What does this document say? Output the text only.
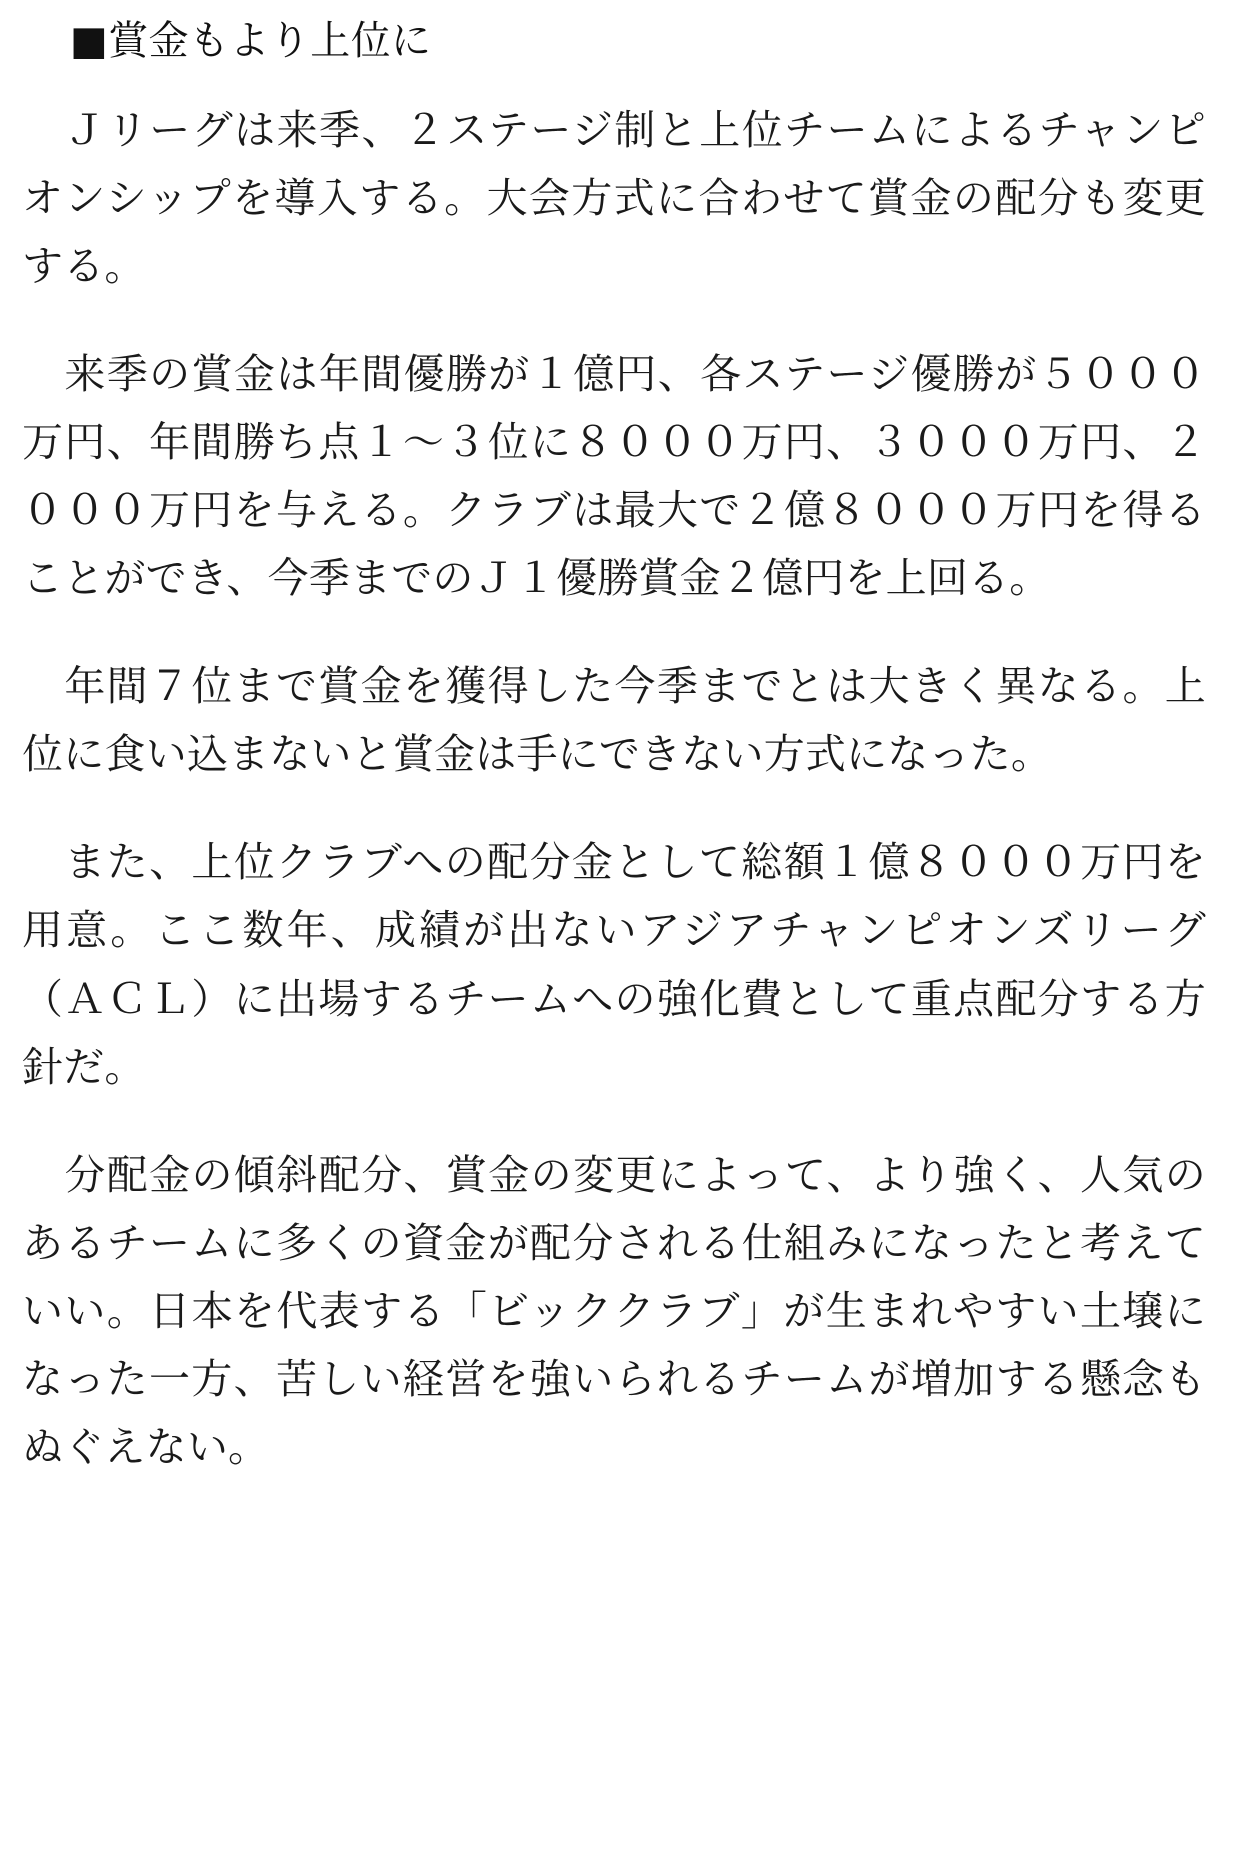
■賞金もより上位に

　Ｊリーグは来季、２ステージ制と上位チームによるチャンピオンシップを導入する。大会方式に合わせて賞金の配分も変更する。

　来季の賞金は年間優勝が１億円、各ステージ優勝が５０００万円、年間勝ち点１〜３位に８０００万円、３０００万円、２０００万円を与える。クラブは最大で２億８０００万円を得ることができ、今季までのＪ１優勝賞金２億円を上回る。

　年間７位まで賞金を獲得した今季までとは大きく異なる。上位に食い込まないと賞金は手にできない方式になった。

　また、上位クラブへの配分金として総額１億８０００万円を用意。ここ数年、成績が出ないアジアチャンピオンズリーグ（ＡＣＬ）に出場するチームへの強化費として重点配分する方針だ。

　分配金の傾斜配分、賞金の変更によって、より強く、人気のあるチームに多くの資金が配分される仕組みになったと考えていい。日本を代表する「ビッククラブ」が生まれやすい土壌になった一方、苦しい経営を強いられるチームが増加する懸念もぬぐえない。
